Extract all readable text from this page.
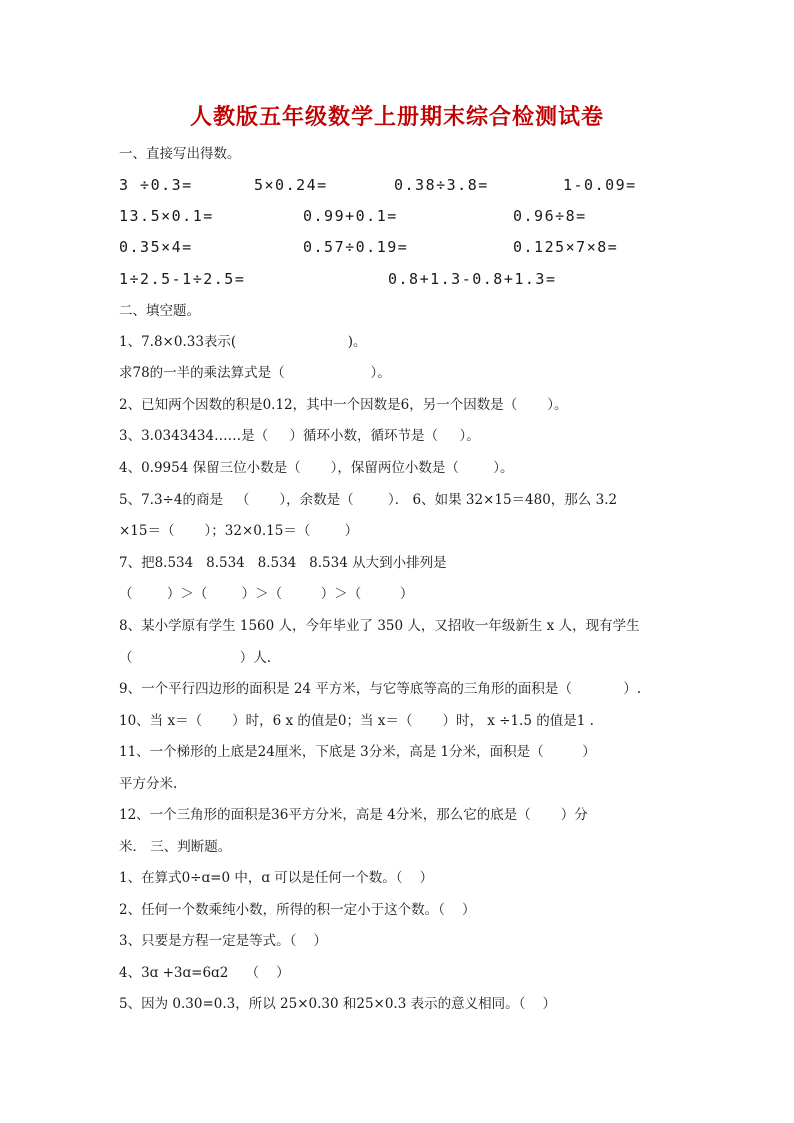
人教版五年级数学上册期末综合检测试卷
一、直接写出得数。
3 ÷0.3=	5×0.24=	0.38÷3.8=	1-0.09=
13.5×0.1=	0.99+0.1=	0.96÷8=
0.35×4=	0.57÷0.19=	0.125×7×8=
1÷2.5-1÷2.5=	0.8+1.3-0.8+1.3=
二、填空题。
1、7.8×0.33表示(                          )。
求78的一半的乘法算式是（                    ）。
2、已知两个因数的积是0.12，其中一个因数是6，另一个因数是（       ）。
3、3.0343434……是（     ）循环小数，循环节是（     ）。
4、0.9954 保留三位小数是（       ），保留两位小数是（        ）。
5、7.3÷4的商是   （       ），余数是（        ）． 6、如果 32×15＝480，那么 3.2
×15＝（       ）；32×0.15＝（        ）
7、把8.534   8.534   8.534   8.534 从大到小排列是
（        ）＞（        ）＞（         ）＞（         ）
8、某小学原有学生 1560 人，今年毕业了 350 人，又招收一年级新生 x 人，现有学生
（                         ）人.
9、一个平行四边形的面积是 24 平方米，与它等底等高的三角形的面积是（            ）.
10、当 x＝（       ）时，6 x 的值是0；当 x＝（       ）时， x ÷1.5 的值是1 .
11、一个梯形的上底是24厘米，下底是 3分米，高是 1分米，面积是（         ）
平方分米.
12、一个三角形的面积是36平方分米，高是 4分米，那么它的底是（       ）分
米． 三、判断题。
1、在算式0÷ɑ=0 中，ɑ 可以是任何一个数。（    ）
2、任何一个数乘纯小数，所得的积一定小于这个数。（    ）
3、只要是方程一定是等式。（    ）
4、3ɑ +3ɑ=6ɑ2    （    ）
5、因为 0.30=0.3，所以 25×0.30 和25×0.3 表示的意义相同。（    ）
